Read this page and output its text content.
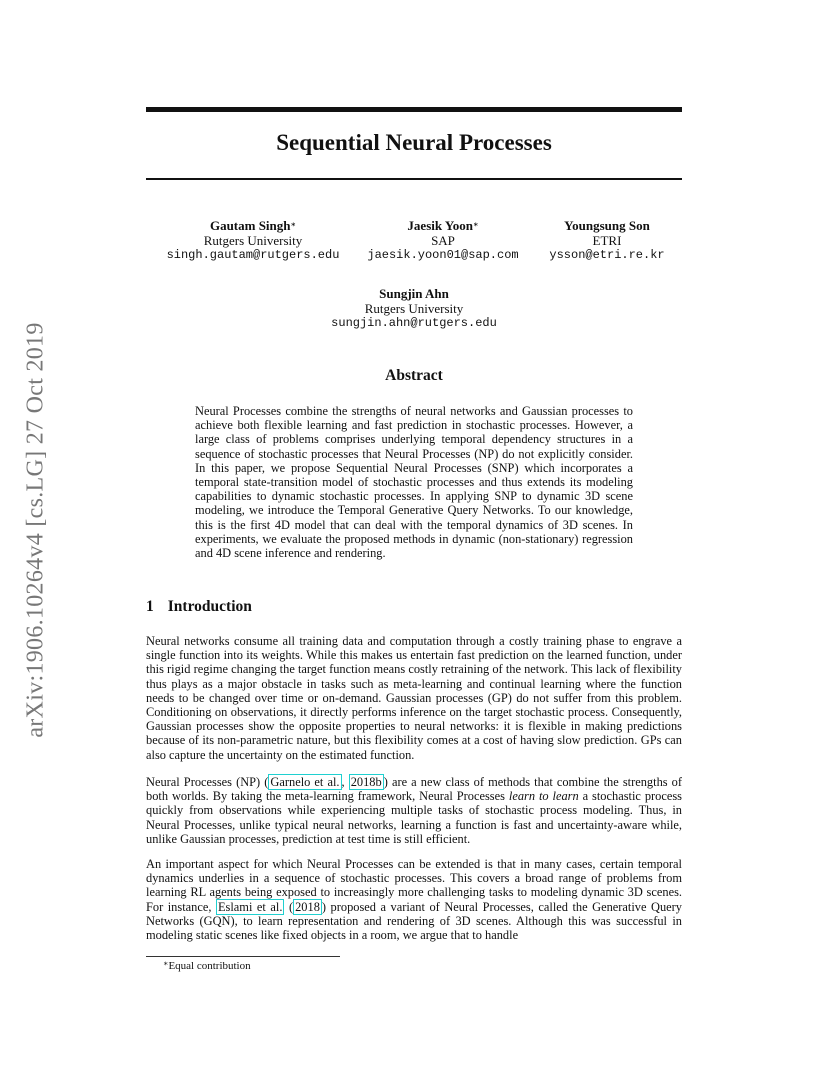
arXiv:1906.10264v4 [cs.LG] 27 Oct 2019
Sequential Neural Processes
Gautam Singh∗
Rutgers University
singh.gautam@rutgers.edu
Jaesik Yoon∗
SAP
jaesik.yoon01@sap.com
Youngsung Son
ETRI
ysson@etri.re.kr
Sungjin Ahn
Rutgers University
sungjin.ahn@rutgers.edu
Abstract
Neural Processes combine the strengths of neural networks and Gaussian processes to achieve both flexible learning and fast prediction in stochastic processes. However, a large class of problems comprises underlying temporal dependency structures in a sequence of stochastic processes that Neural Processes (NP) do not explicitly consider. In this paper, we propose Sequential Neural Processes (SNP) which incorporates a temporal state-transition model of stochastic processes and thus extends its modeling capabilities to dynamic stochastic processes. In applying SNP to dynamic 3D scene modeling, we introduce the Temporal Generative Query Networks. To our knowledge, this is the first 4D model that can deal with the temporal dynamics of 3D scenes. In experiments, we evaluate the proposed methods in dynamic (non-stationary) regression and 4D scene inference and rendering.
1 Introduction
Neural networks consume all training data and computation through a costly training phase to engrave a single function into its weights. While this makes us entertain fast prediction on the learned function, under this rigid regime changing the target function means costly retraining of the network. This lack of flexibility thus plays as a major obstacle in tasks such as meta-learning and continual learning where the function needs to be changed over time or on-demand. Gaussian processes (GP) do not suffer from this problem. Conditioning on observations, it directly performs inference on the target stochastic process. Consequently, Gaussian processes show the opposite properties to neural networks: it is flexible in making predictions because of its non-parametric nature, but this flexibility comes at a cost of having slow prediction. GPs can also capture the uncertainty on the estimated function.
Neural Processes (NP) ( Garnelo et al. , 2018b ) are a new class of methods that combine the strengths of both worlds. By taking the meta-learning framework, Neural Processes learn to learn a stochastic process quickly from observations while experiencing multiple tasks of stochastic process modeling. Thus, in Neural Processes, unlike typical neural networks, learning a function is fast and uncertainty-aware while, unlike Gaussian processes, prediction at test time is still efficient.
An important aspect for which Neural Processes can be extended is that in many cases, certain temporal dynamics underlies in a sequence of stochastic processes. This covers a broad range of problems from learning RL agents being exposed to increasingly more challenging tasks to modeling dynamic 3D scenes. For instance, Eslami et al. ( 2018 ) proposed a variant of Neural Processes, called the Generative Query Networks (GQN), to learn representation and rendering of 3D scenes. Although this was successful in modeling static scenes like fixed objects in a room, we argue that to handle
∗Equal contribution
